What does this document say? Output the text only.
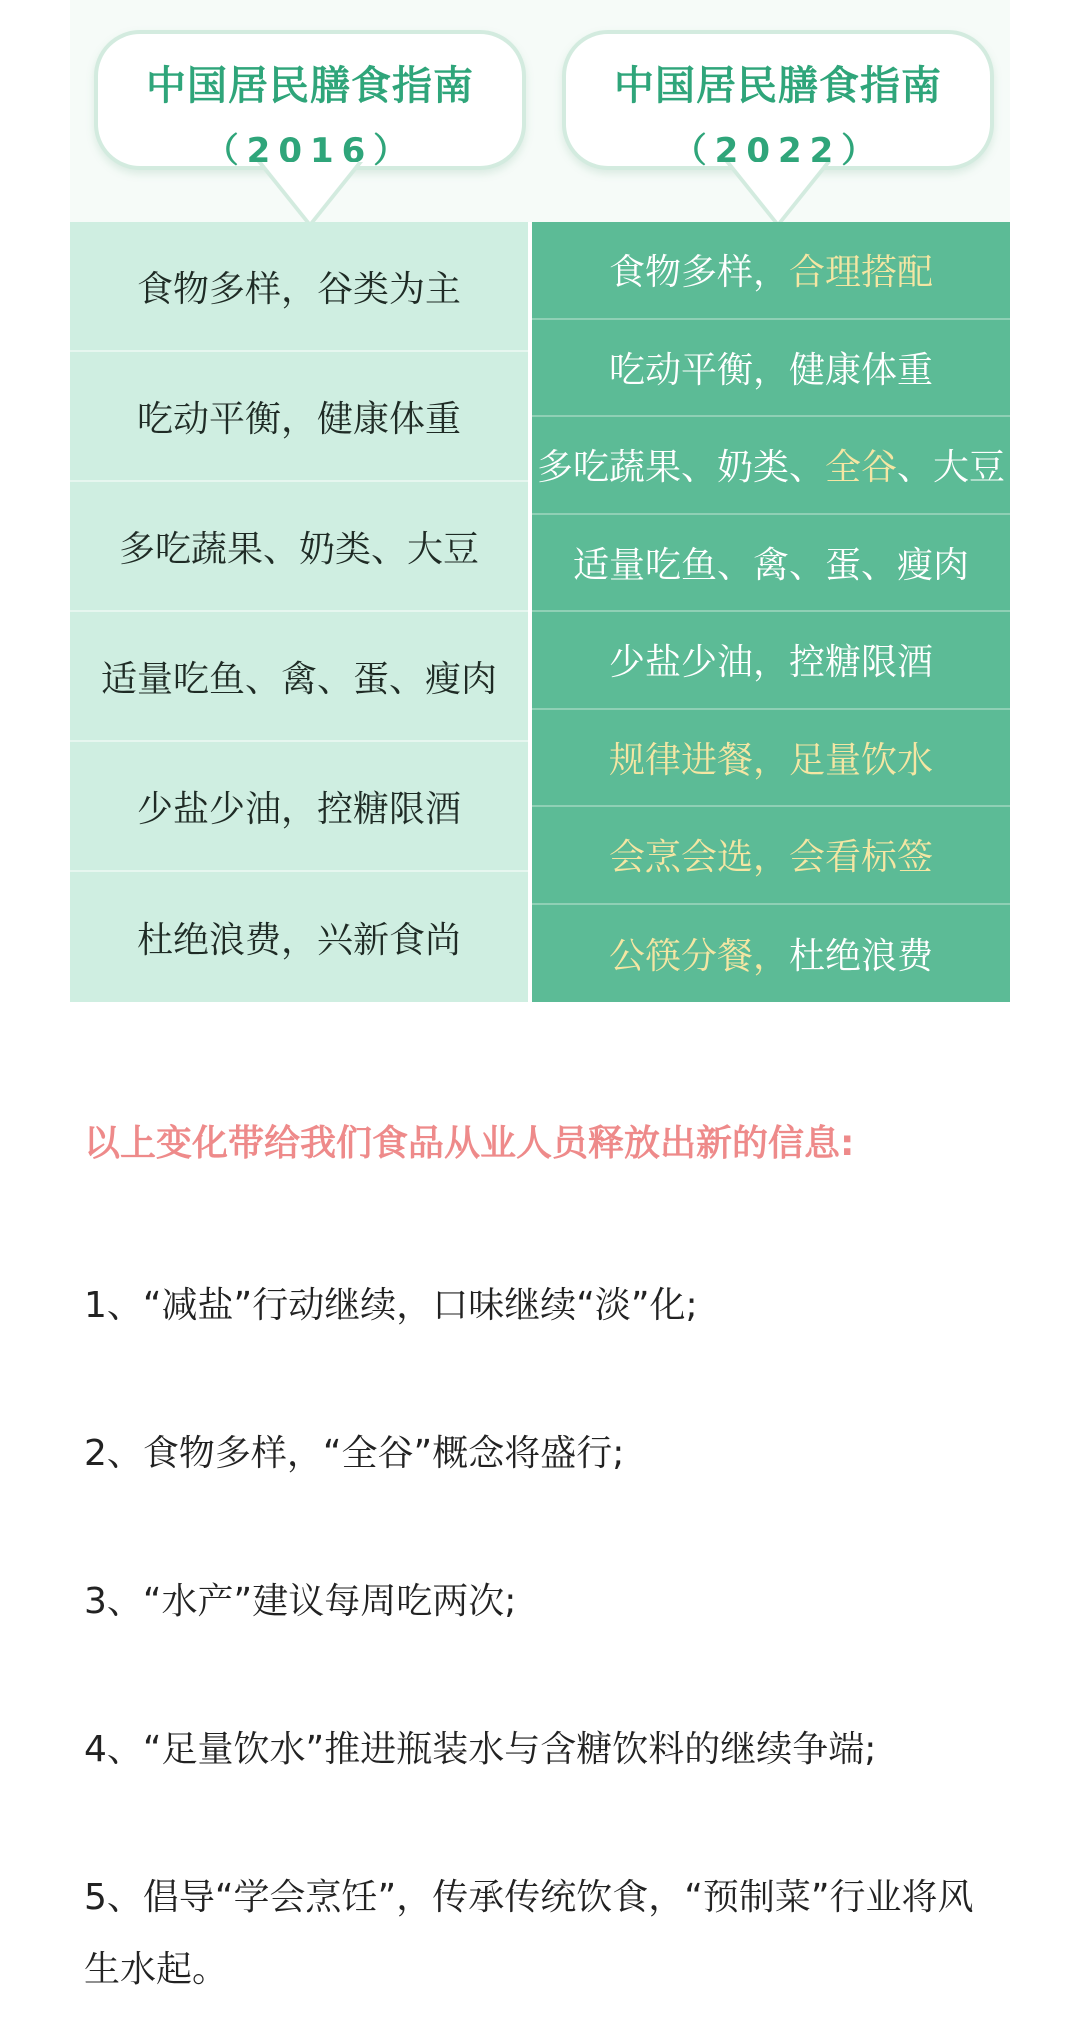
中国居民膳食指南
（2016）
中国居民膳食指南
（2022）
食物多样，谷类为主
吃动平衡，健康体重
多吃蔬果、奶类、大豆
适量吃鱼、禽、蛋、瘦肉
少盐少油，控糖限酒
杜绝浪费，兴新食尚
食物多样， 合理搭配
吃动平衡，健康体重
多吃蔬果、奶类、 全谷 、大豆
适量吃鱼、禽、蛋、瘦肉
少盐少油，控糖限酒
规律进餐，足量饮水
会烹会选，会看标签
公筷分餐， 杜绝浪费
以上变化带给我们食品从业人员释放出新的信息:
1、“减盐”行动继续，口味继续“淡”化;
2、食物多样，“全谷”概念将盛行;
3、“水产”建议每周吃两次;
4、“足量饮水”推进瓶装水与含糖饮料的继续争端;
5、倡导“学会烹饪”，传承传统饮食，“预制菜”行业将风生水起。
